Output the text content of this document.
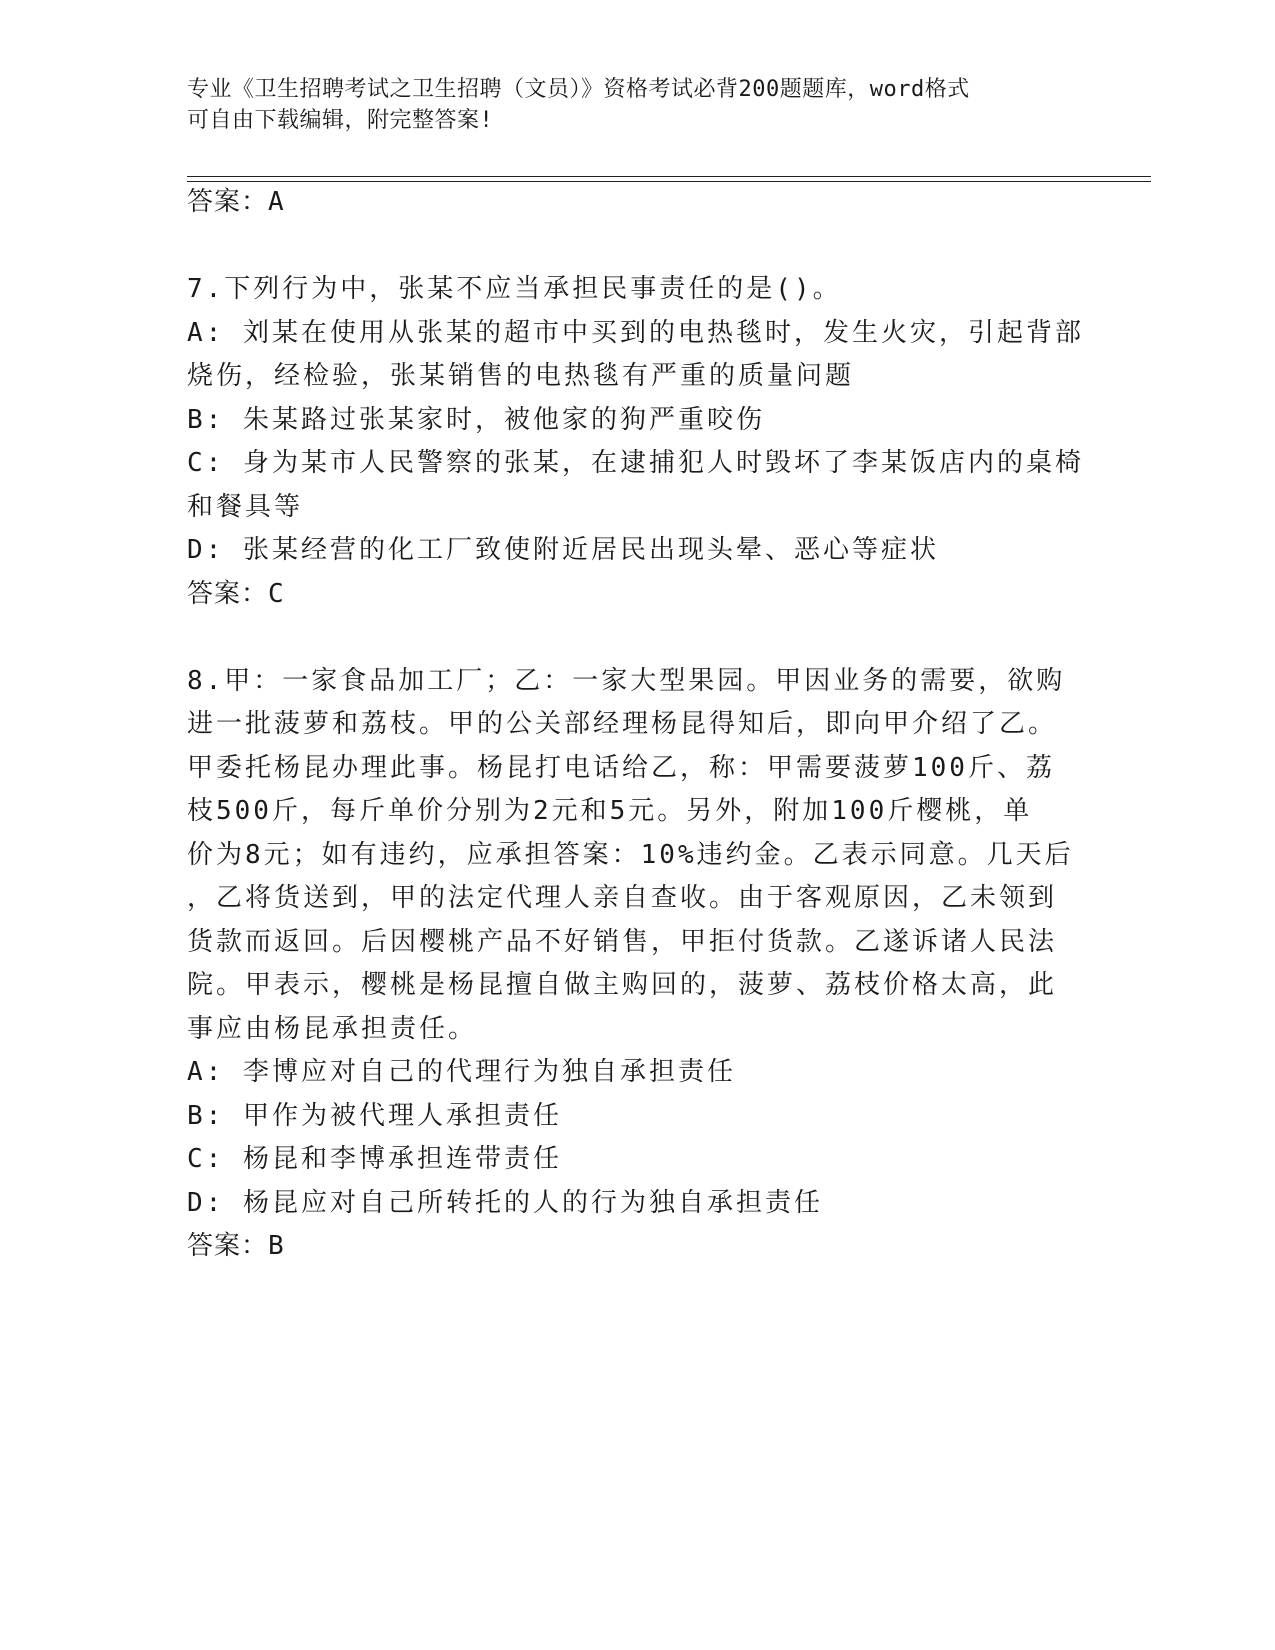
专业《卫生招聘考试之卫生招聘（文员）》资格考试必背200题题库，word格式
可自由下载编辑，附完整答案!
答案：A
7.下列行为中，张某不应当承担民事责任的是()。
A: 刘某在使用从张某的超市中买到的电热毯时，发生火灾，引起背部
烧伤，经检验，张某销售的电热毯有严重的质量问题
B: 朱某路过张某家时，被他家的狗严重咬伤
C: 身为某市人民警察的张某，在逮捕犯人时毁坏了李某饭店内的桌椅
和餐具等
D: 张某经营的化工厂致使附近居民出现头晕、恶心等症状
答案：C
8.甲：一家食品加工厂；乙：一家大型果园。甲因业务的需要，欲购
进一批菠萝和荔枝。甲的公关部经理杨昆得知后，即向甲介绍了乙。
甲委托杨昆办理此事。杨昆打电话给乙，称：甲需要菠萝100斤、荔
枝500斤，每斤单价分别为2元和5元。另外，附加100斤樱桃，单
价为8元；如有违约，应承担答案：10%违约金。乙表示同意。几天后
，乙将货送到，甲的法定代理人亲自查收。由于客观原因，乙未领到
货款而返回。后因樱桃产品不好销售，甲拒付货款。乙遂诉诸人民法
院。甲表示，樱桃是杨昆擅自做主购回的，菠萝、荔枝价格太高，此
事应由杨昆承担责任。
A: 李博应对自己的代理行为独自承担责任
B: 甲作为被代理人承担责任
C: 杨昆和李博承担连带责任
D: 杨昆应对自己所转托的人的行为独自承担责任
答案：B
